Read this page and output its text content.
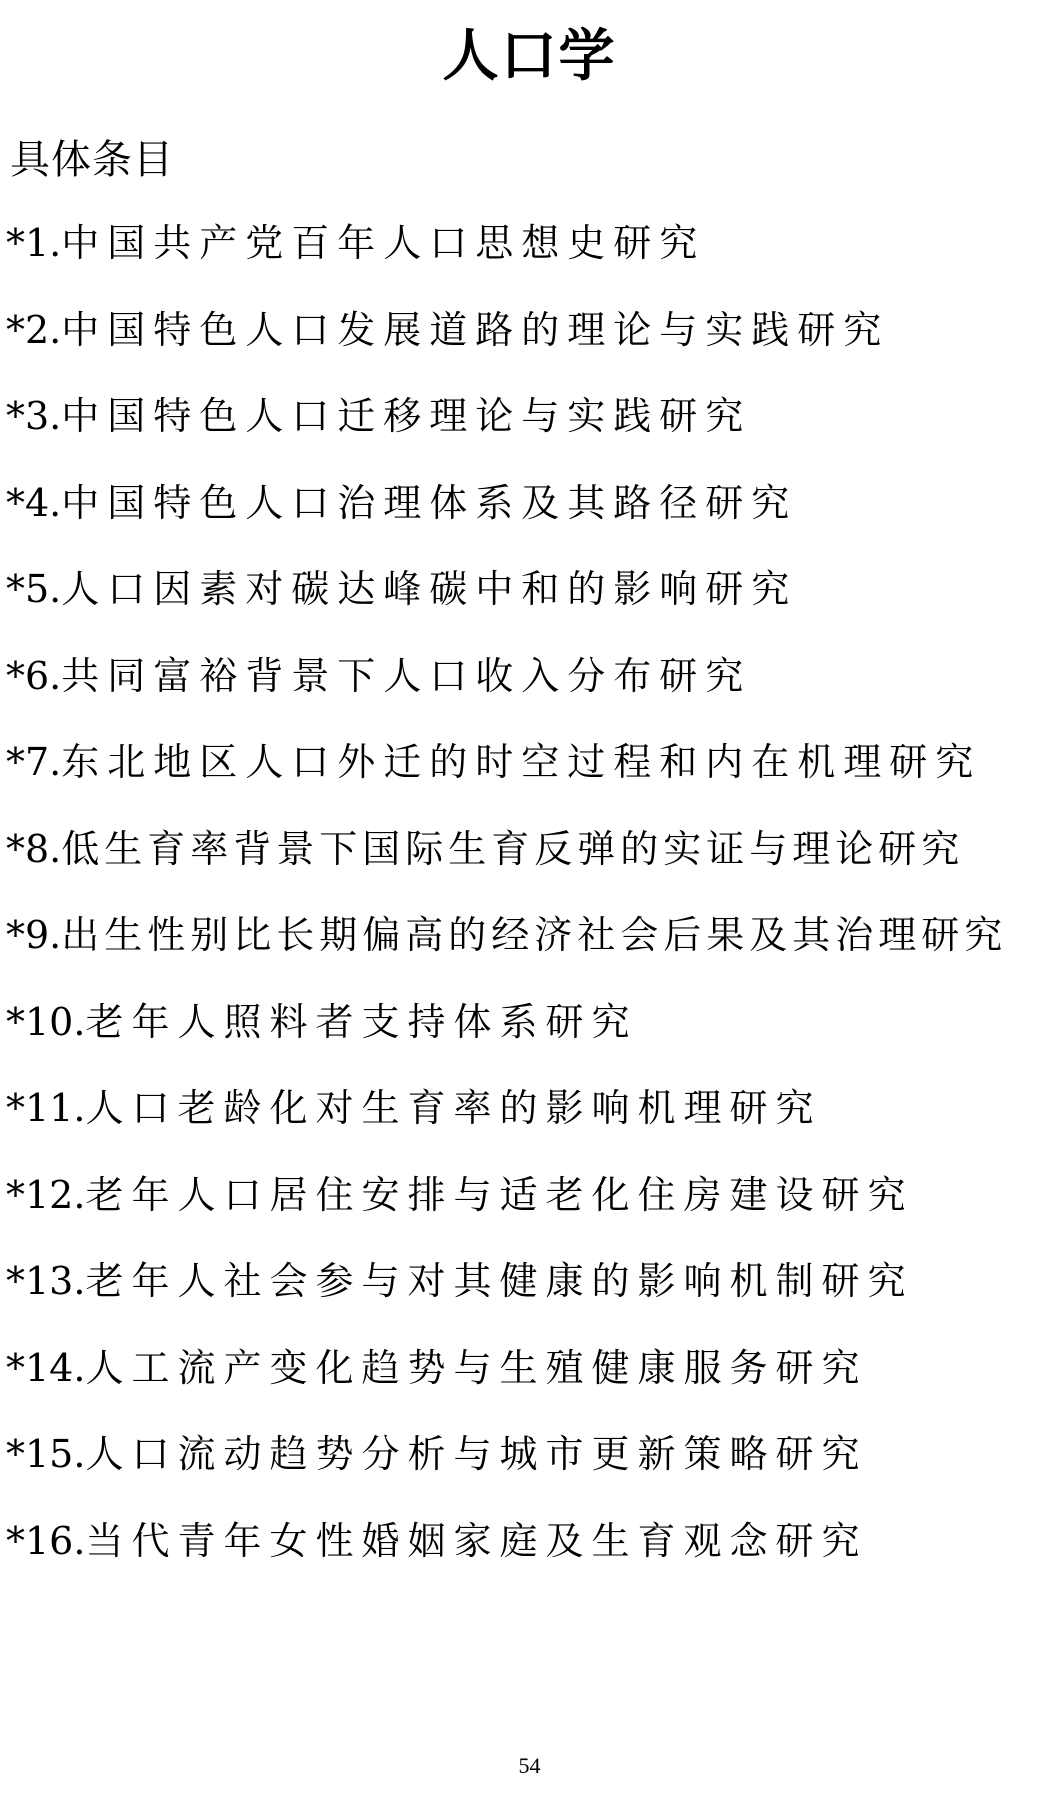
人口学
具体条目
*1.中国共产党百年人口思想史研究
*2.中国特色人口发展道路的理论与实践研究
*3.中国特色人口迁移理论与实践研究
*4.中国特色人口治理体系及其路径研究
*5.人口因素对碳达峰碳中和的影响研究
*6.共同富裕背景下人口收入分布研究
*7.东北地区人口外迁的时空过程和内在机理研究
*8.低生育率背景下国际生育反弹的实证与理论研究
*9.出生性别比长期偏高的经济社会后果及其治理研究
*10.老年人照料者支持体系研究
*11.人口老龄化对生育率的影响机理研究
*12.老年人口居住安排与适老化住房建设研究
*13.老年人社会参与对其健康的影响机制研究
*14.人工流产变化趋势与生殖健康服务研究
*15.人口流动趋势分析与城市更新策略研究
*16.当代青年女性婚姻家庭及生育观念研究
54
